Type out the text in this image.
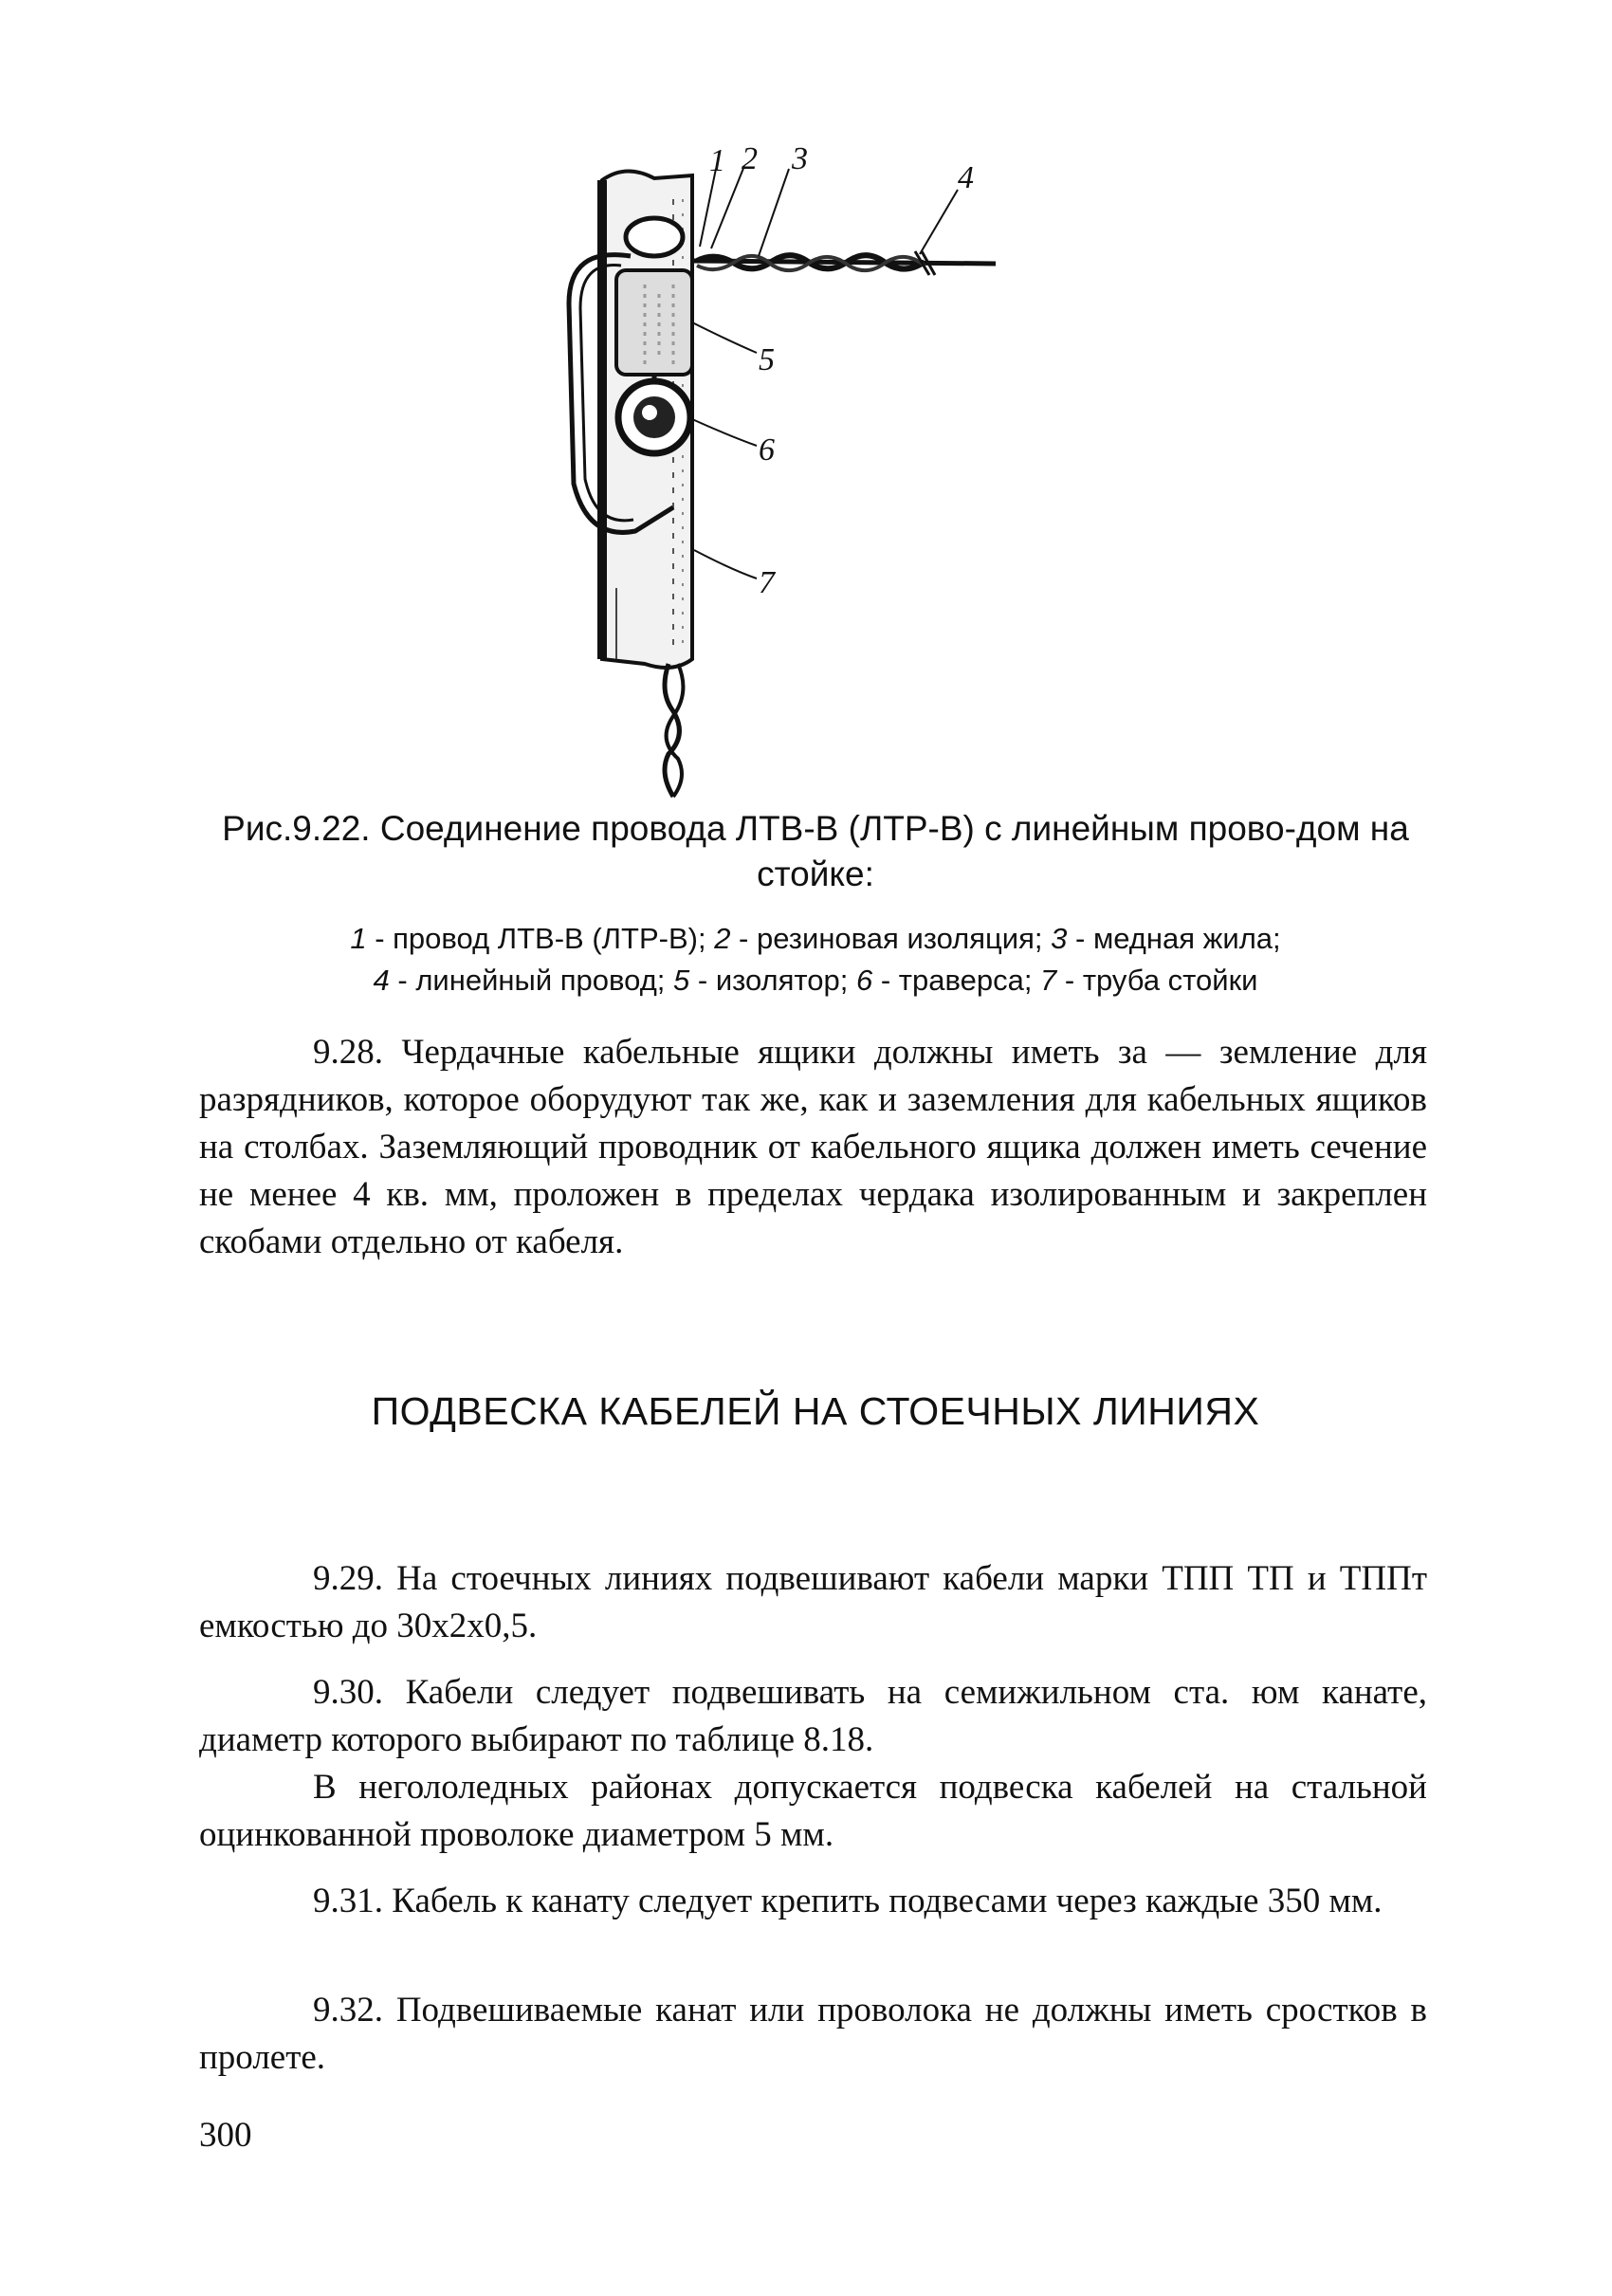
1 2 3
4
5
6
7
Рис.9.22. Соединение провода ЛТВ-В (ЛТР-В) с линейным прово-дом на стойке:
1 - провод ЛТВ-В (ЛТР-В); 2 - резиновая изоляция; 3 - медная жила;
4 - линейный провод; 5 - изолятор; 6 - траверса; 7 - труба стойки

9.28. Чердачные кабельные ящики должны иметь за — земление для разрядников, которое оборудуют так же, как и заземления для кабельных ящиков на столбах. Заземляющий проводник от кабельного ящика должен иметь сечение не менее 4 кв. мм, проложен в пределах чердака изолированным и закреплен скобами отдельно от кабеля.

ПОДВЕСКА КАБЕЛЕЙ НА СТОЕЧНЫХ ЛИНИЯХ

9.29. На стоечных линиях подвешивают кабели марки ТПП ТП и ТППт емкостью до 30х2х0,5.

9.30. Кабели следует подвешивать на семижильном ста. юм канате, диаметр которого выбирают по таблице 8.18.

В негололедных районах допускается подвеска кабелей на стальной оцинкованной проволоке диаметром 5 мм.

9.31. Кабель к канату следует крепить подвесами через каждые 350 мм.

9.32. Подвешиваемые канат или проволока не должны иметь сростков в пролете.

300
